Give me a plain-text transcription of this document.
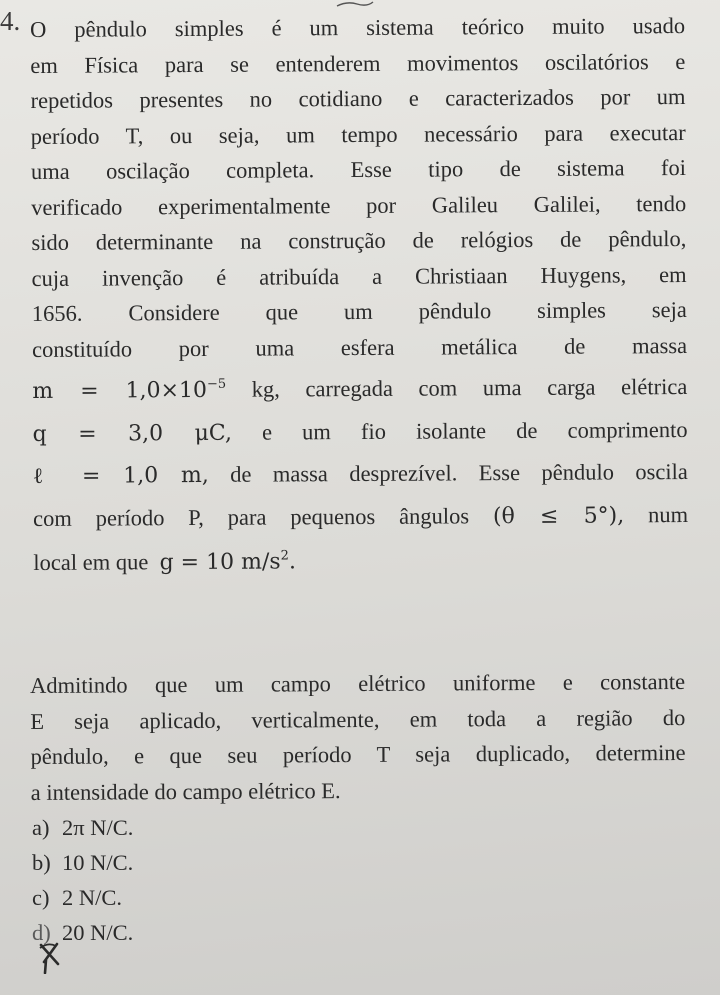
4. O pêndulo simples é um sistema teórico muito usado
em Física para se entenderem movimentos oscilatórios e
repetidos presentes no cotidiano e caracterizados por um
período T, ou seja, um tempo necessário para executar
uma oscilação completa. Esse tipo de sistema foi
verificado experimentalmente por Galileu Galilei, tendo
sido determinante na construção de relógios de pêndulo,
cuja invenção é atribuída a Christiaan Huygens, em
1656. Considere que um pêndulo simples seja
constituído por uma esfera metálica de massa
$m = 1,0\times 10^{-5}$ kg, carregada com uma carga elétrica
q = 3,0 μC, e um fio isolante de comprimento
ℓ = 1,0 m, de massa desprezível. Esse pêndulo oscila
com período P, para pequenos ângulos (θ ≤ 5°), num
local em que g = 10 $m/s^2$.
Admitindo que um campo elétrico uniforme e constante
E seja aplicado, verticalmente, em toda a região do
pêndulo, e que seu período T seja duplicado, determine
a intensidade do campo elétrico E.
a) 2π N/C.
b) 10 N/C.
c) 2 N/C.
d) 20 N/C.
